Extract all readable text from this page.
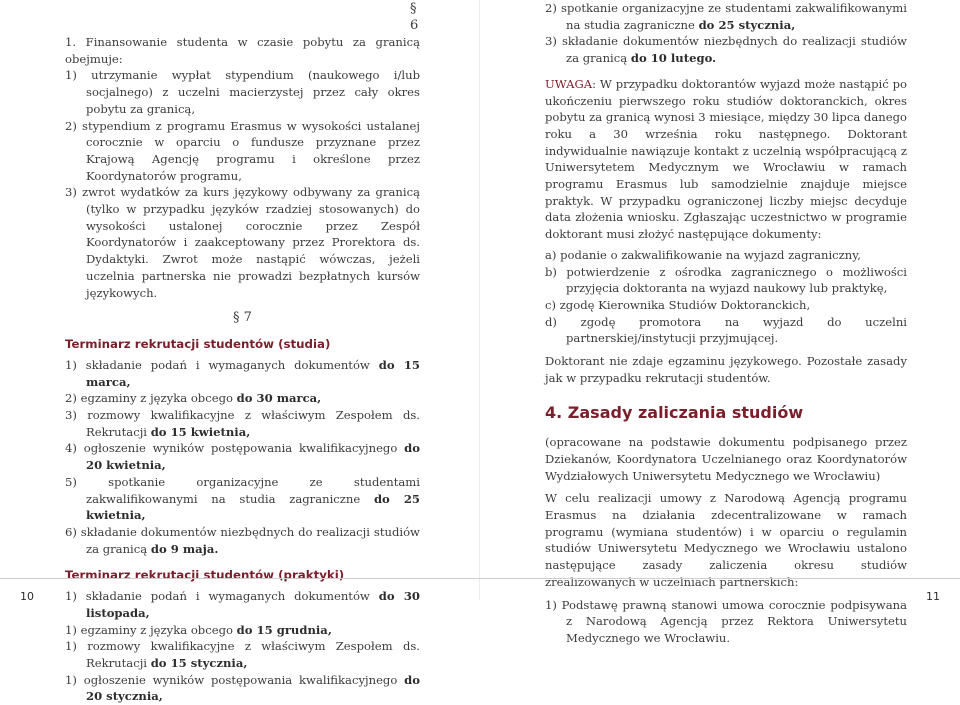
§ 6

1. Finansowanie studenta w czasie pobytu za granicą obejmuje:

1) utrzymanie wypłat stypendium (naukowego i/lub socjalnego) z uczelni macierzystej przez cały okres pobytu za granicą,

2) stypendium z programu Erasmus w wysokości ustalanej corocznie w oparciu o fundusze przyznane przez Krajową Agencję programu i określone przez Koordynatorów programu,

3) zwrot wydatków za kurs językowy odbywany za granicą (tylko w przypadku języków rzadziej stosowanych) do wysokości ustalonej corocznie przez Zespół Koordynatorów i zaakceptowany przez Prorektora ds. Dydaktyki. Zwrot może nastąpić wówczas, jeżeli uczelnia partnerska nie prowadzi bezpłatnych kursów językowych.

§ 7

Terminarz rekrutacji studentów (studia)

1) składanie podań i wymaganych dokumentów do 15 marca,

2) egzaminy z języka obcego do 30 marca,

3) rozmowy kwalifikacyjne z właściwym Zespołem ds. Rekrutacji do 15 kwietnia,

4) ogłoszenie wyników postępowania kwalifikacyjnego do 20 kwietnia,

5) spotkanie organizacyjne ze studentami zakwalifikowanymi na studia zagraniczne do 25 kwietnia,

6) składanie dokumentów niezbędnych do realizacji studiów za granicą do 9 maja.

Terminarz rekrutacji studentów (praktyki)

1) składanie podań i wymaganych dokumentów do 30 listopada,

1) egzaminy z języka obcego do 15 grudnia,

1) rozmowy kwalifikacyjne z właściwym Zespołem ds. Rekrutacji do 15 stycznia,

1) ogłoszenie wyników postępowania kwalifikacyjnego do 20 stycznia,

10

2) spotkanie organizacyjne ze studentami zakwalifikowanymi na studia zagraniczne do 25 stycznia,

3) składanie dokumentów niezbędnych do realizacji studiów za granicą do 10 lutego.

UWAGA: W przypadku doktorantów wyjazd może nastąpić po ukończeniu pierwszego roku studiów doktoranckich, okres pobytu za granicą wynosi 3 miesiące, między 30 lipca danego roku a 30 września roku następnego. Doktorant indywidualnie nawiązuje kontakt z uczelnią współpracującą z Uniwersytetem Medycznym we Wrocławiu w ramach programu Erasmus lub samodzielnie znajduje miejsce praktyk. W przypadku ograniczonej liczby miejsc decyduje data złożenia wniosku. Zgłaszając uczestnictwo w programie doktorant musi złożyć następujące dokumenty:

a) podanie o zakwalifikowanie na wyjazd zagraniczny,

b) potwierdzenie z ośrodka zagranicznego o możliwości przyjęcia doktoranta na wyjazd naukowy lub praktykę,

c) zgodę Kierownika Studiów Doktoranckich,

d) zgodę promotora na wyjazd do uczelni partnerskiej/instytucji przyjmującej.

Doktorant nie zdaje egzaminu językowego. Pozostałe zasady jak w przypadku rekrutacji studentów.

4. Zasady zaliczania studiów

(opracowane na podstawie dokumentu podpisanego przez Dziekanów, Koordynatora Uczelnianego oraz Koordynatorów Wydziałowych Uniwersytetu Medycznego we Wrocławiu)

W celu realizacji umowy z Narodową Agencją programu Erasmus na działania zdecentralizowane w ramach programu (wymiana studentów) i w oparciu o regulamin studiów Uniwersytetu Medycznego we Wrocławiu ustalono następujące zasady zaliczenia okresu studiów zrealizowanych w uczelniach partnerskich:

1) Podstawę prawną stanowi umowa corocznie podpisywana z Narodową Agencją przez Rektora Uniwersytetu Medycznego we Wrocławiu.

11
